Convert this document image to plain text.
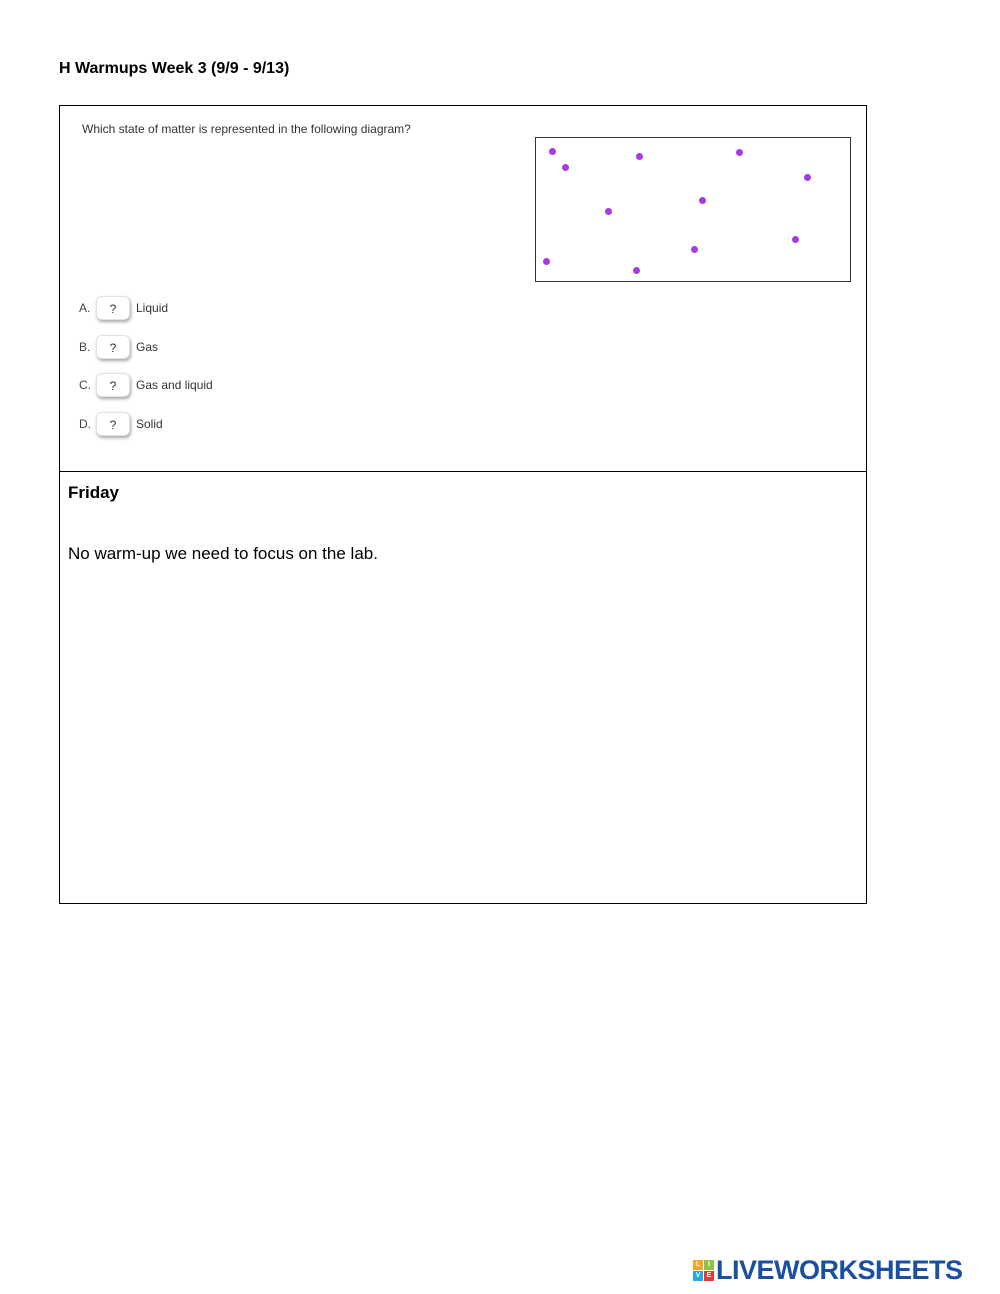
H Warmups Week 3 (9/9 - 9/13)
Which state of matter is represented in the following diagram?
A.	?	Liquid
B.	?	Gas
C.	?	Gas and liquid
D.	?	Solid
Friday
No warm-up we need to focus on the lab.
L	I
V E LIVEWORKSHEETS
